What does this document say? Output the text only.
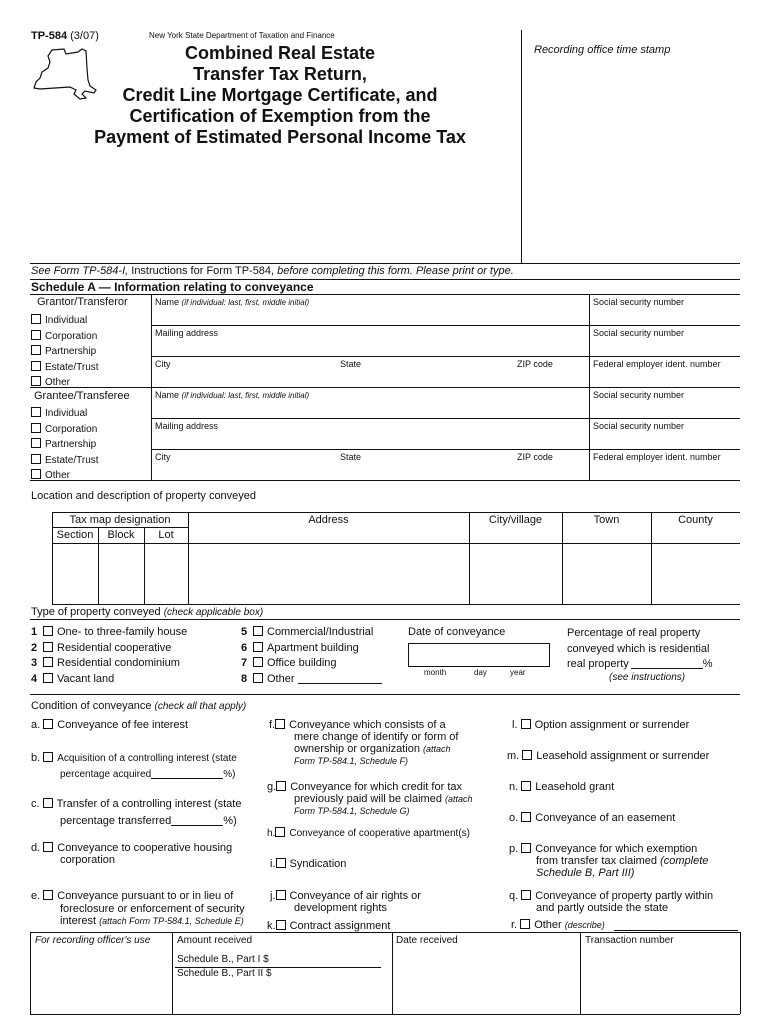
TP-584 (3/07)	New York State Department of Taxation and Finance
Combined Real Estate
Transfer Tax Return,
Credit Line Mortgage Certificate, and
Certification of Exemption from the
Payment of Estimated Personal Income Tax
Recording office time stamp
See Form TP-584-I, Instructions for Form TP-584, before completing this form. Please print or type.
Schedule A — Information relating to conveyance
Grantor/Transferor
Individual
Corporation
Partnership
Estate/Trust
Other
Name (if individual: last, first, middle initial)	Social security number
Mailing address	Social security number
City	State	ZIP code	Federal employer ident. number
Grantee/Transferee
Individual
Corporation
Partnership
Estate/Trust
Other
Name (if individual: last, first, middle initial)	Social security number
Mailing address	Social security number
City	State	ZIP code	Federal employer ident. number
Location and description of property conveyed
Tax map designation
Section	Block	Lot
Address	City/village	Town	County
Type of property conveyed (check applicable box)
1 One- to three-family house
2 Residential cooperative
3 Residential condominium
4 Vacant land
5 Commercial/Industrial
6 Apartment building
7 Office building
8 Other
Date of conveyance
month	day	year
Percentage of real property
conveyed which is residential
real property	%
(see instructions)
Condition of conveyance (check all that apply)
a. Conveyance of fee interest
b. Acquisition of a controlling interest (state
percentage acquired	%)
c. Transfer of a controlling interest (state
percentage transferred	%)
d. Conveyance to cooperative housing
corporation
e. Conveyance pursuant to or in lieu of
foreclosure or enforcement of security
interest (attach Form TP-584.1, Schedule E)
f. Conveyance which consists of a
mere change of identify or form of
ownership or organization (attach
Form TP-584.1, Schedule F)
g. Conveyance for which credit for tax
previously paid will be claimed (attach
Form TP-584.1, Schedule G)
h. Conveyance of cooperative apartment(s)
i. Syndication
j. Conveyance of air rights or
development rights
k. Contract assignment
l. Option assignment or surrender
m. Leasehold assignment or surrender
n. Leasehold grant
o. Conveyance of an easement
p. Conveyance for which exemption
from transfer tax claimed (complete
Schedule B, Part III)
q. Conveyance of property partly within
and partly outside the state
r. Other (describe)
For recording officer's use	Amount received
Schedule B., Part I $
Schedule B., Part II $
Date received	Transaction number
